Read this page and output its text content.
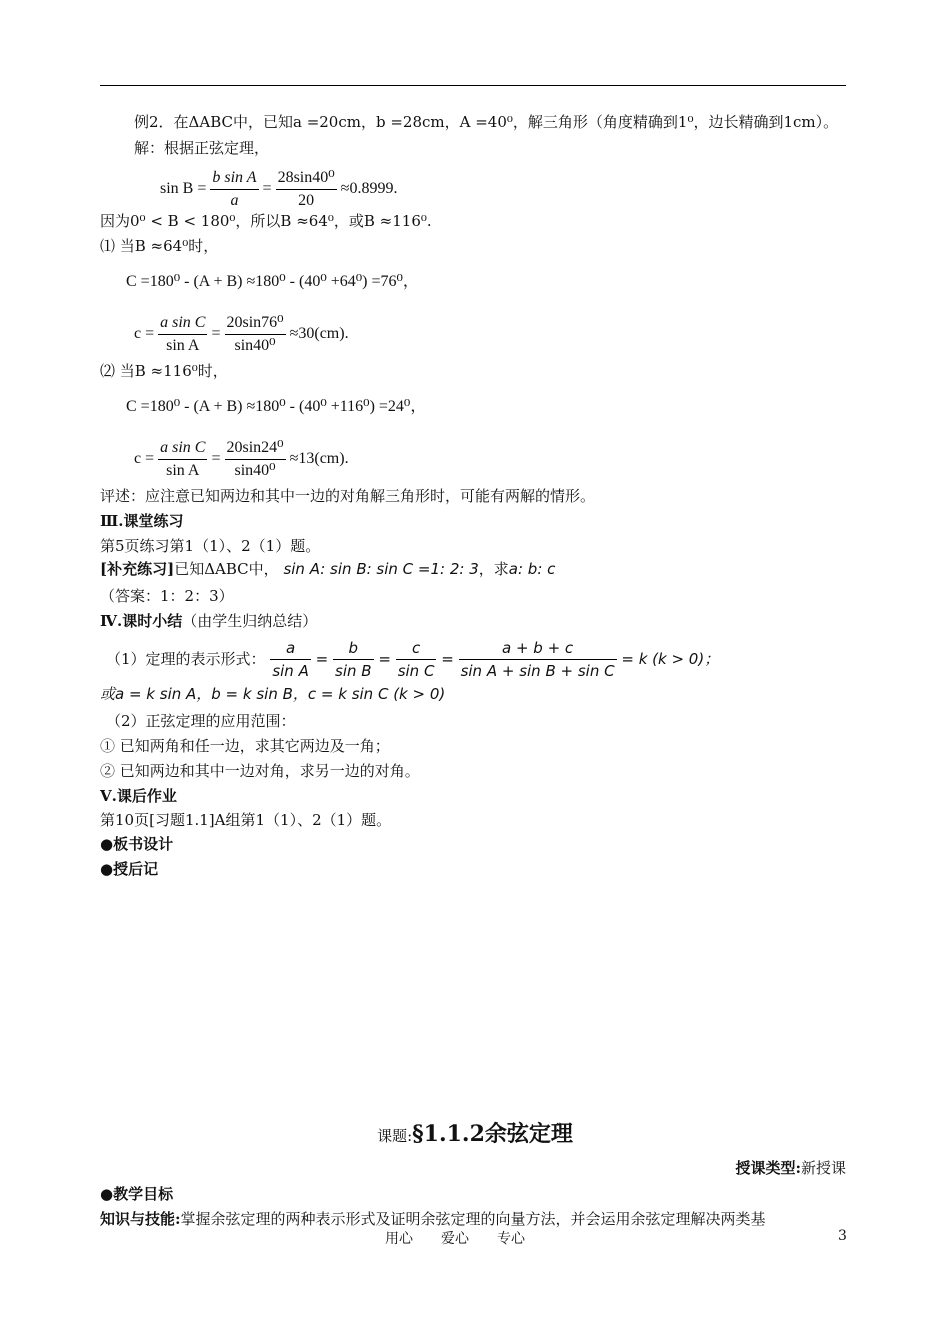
例2．在ΔABC中，已知a =20cm，b =28cm，A =40⁰，解三角形（角度精确到1⁰，边长精确到1cm）。
解：根据正弦定理，
$\sin B = \frac{\text{b sin A}}{a} = \frac{\text{28sin40⁰}}{20} \approx 0.8999$.
因为0⁰ < B < 180⁰，所以B ≈64⁰，或B ≈116⁰.
⑴ 当B ≈64⁰时，
C =180⁰ - (A + B) ≈180⁰ - (40⁰ +64⁰) =76⁰，
$c = \frac{\text{a sin C}}{\text{sin A}} = \frac{\text{20sin76⁰}}{\text{sin40⁰}} \approx 30(cm)$.
⑵ 当B ≈116⁰时，
C =180⁰ - (A + B) ≈180⁰ - (40⁰ +116⁰) =24⁰，
$c = \frac{\text{a sin C}}{\text{sin A}} = \frac{\text{20sin24⁰}}{\text{sin40⁰}} \approx 13(cm)$.
评述：应注意已知两边和其中一边的对角解三角形时，可能有两解的情形。
Ⅲ.课堂练习
第5页练习第1（1）、2（1）题。
[补充练习]已知ΔABC中， sin A: sin B: sin C =1: 2: 3，求a: b: c
（答案：1：2：3）
Ⅳ.课时小结（由学生归纳总结）
（1）定理的表示形式： $\frac{a}{\text{sin A}} = \frac{b}{\text{sin B}} = \frac{c}{\text{sin C}} = \frac{a + b + c}{\text{sin A + sin B + sin C}} = k$ (k > 0)；
或a = k sin A，b = k sin B，c = k sin C (k > 0)
（2）正弦定理的应用范围：
① 已知两角和任一边，求其它两边及一角；
② 已知两边和其中一边对角，求另一边的对角。
Ⅴ.课后作业
第10页[习题1.1]A组第1（1）、2（1）题。
●板书设计
●授后记
课题:§1.1.2余弦定理
授课类型:新授课
●教学目标
知识与技能:掌握余弦定理的两种表示形式及证明余弦定理的向量方法，并会运用余弦定理解决两类基
用心　　爱心　　专心	3
